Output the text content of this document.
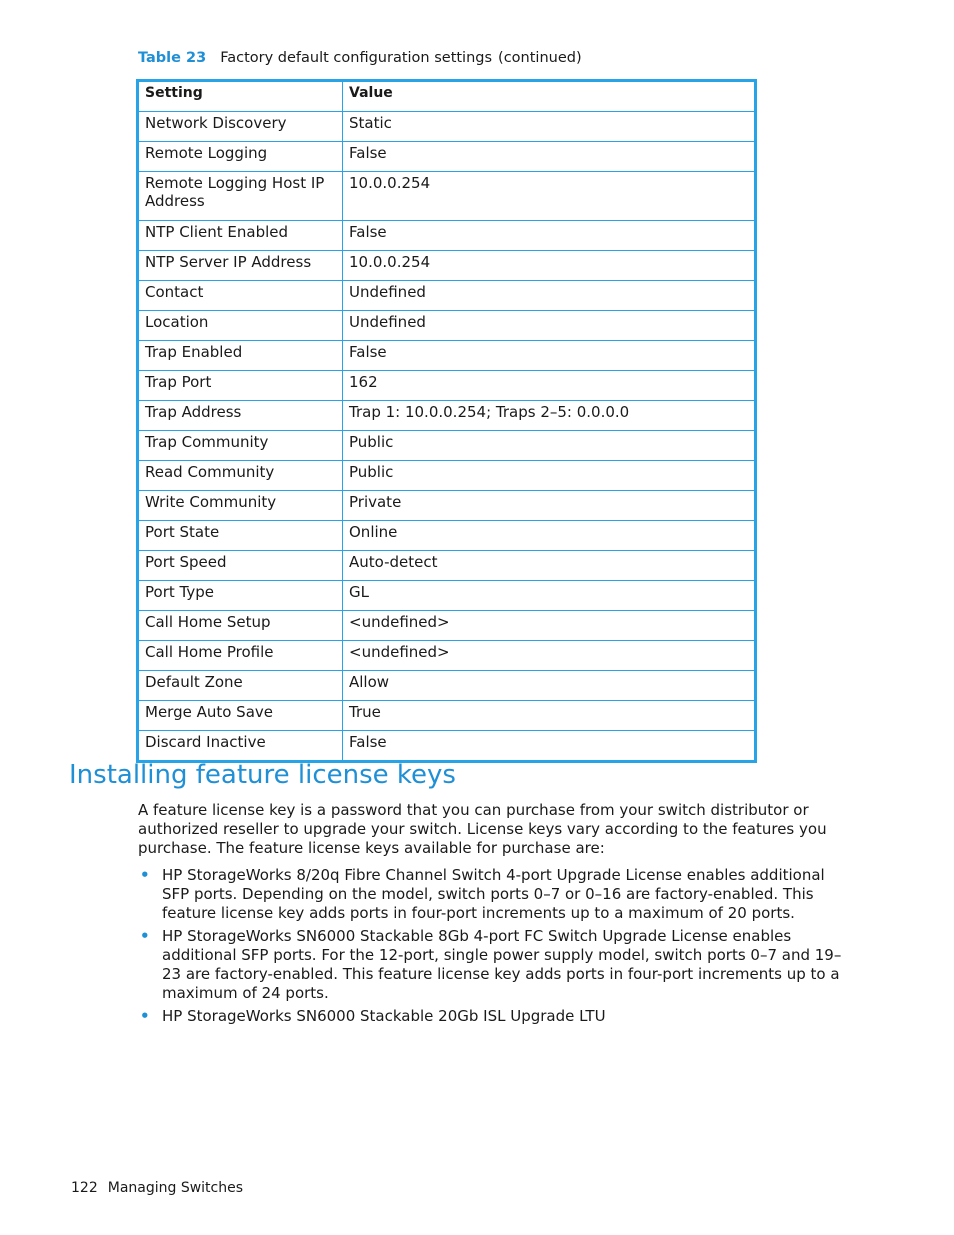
Table 23 Factory default configuration settings (continued)
Setting	Value
Network Discovery	Static
Remote Logging	False
Remote Logging Host IP Address	10.0.0.254
NTP Client Enabled	False
NTP Server IP Address	10.0.0.254
Contact	Undefined
Location	Undefined
Trap Enabled	False
Trap Port	162
Trap Address	Trap 1: 10.0.0.254; Traps 2–5: 0.0.0.0
Trap Community	Public
Read Community	Public
Write Community	Private
Port State	Online
Port Speed	Auto-detect
Port Type	GL
Call Home Setup	<undefined>
Call Home Profile	<undefined>
Default Zone	Allow
Merge Auto Save	True
Discard Inactive	False
Installing feature license keys

A feature license key is a password that you can purchase from your switch distributor or authorized reseller to upgrade your switch. License keys vary according to the features you purchase. The feature license keys available for purchase are:

• HP StorageWorks 8/20q Fibre Channel Switch 4-port Upgrade License enables additional SFP ports. Depending on the model, switch ports 0–7 or 0–16 are factory-enabled. This feature license key adds ports in four-port increments up to a maximum of 20 ports.
• HP StorageWorks SN6000 Stackable 8Gb 4-port FC Switch Upgrade License enables additional SFP ports. For the 12-port, single power supply model, switch ports 0–7 and 19–23 are factory-enabled. This feature license key adds ports in four-port increments up to a maximum of 24 ports.
• HP StorageWorks SN6000 Stackable 20Gb ISL Upgrade LTU
122 Managing Switches
